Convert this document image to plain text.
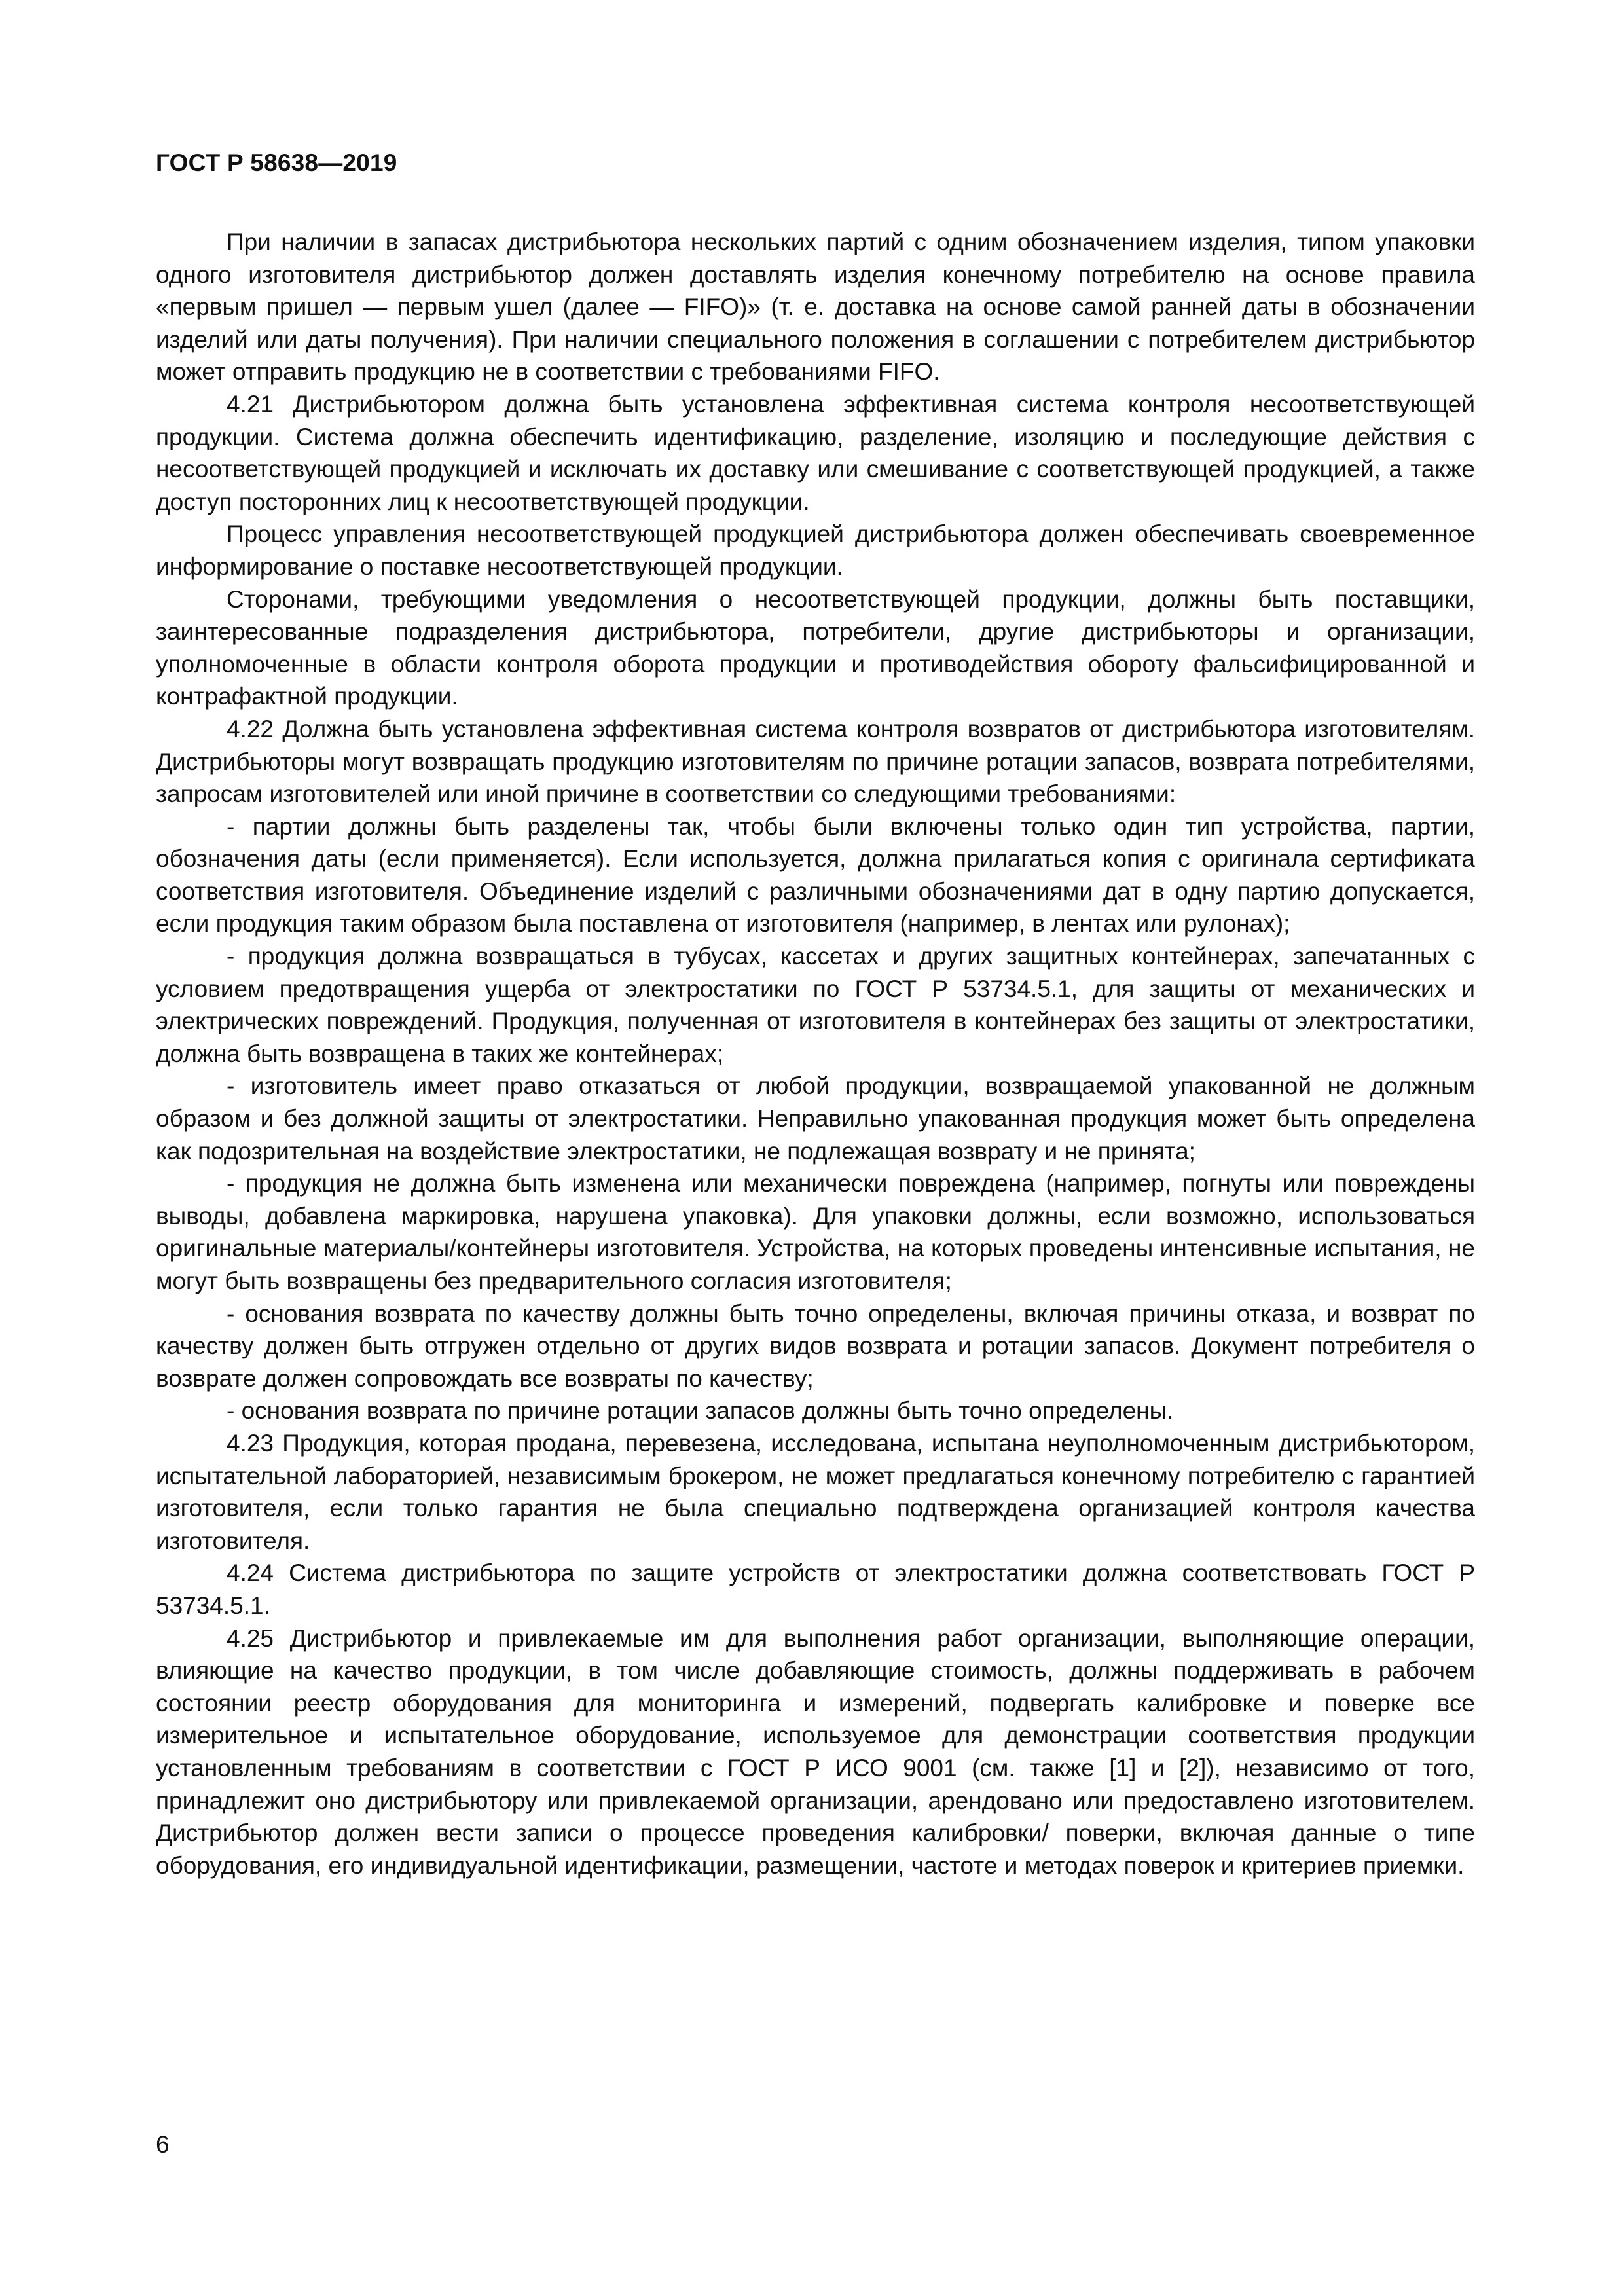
ГОСТ Р 58638—2019

При наличии в запасах дистрибьютора нескольких партий с одним обозначением изделия, типом упаковки одного изготовителя дистрибьютор должен доставлять изделия конечному потребителю на основе правила «первым пришел — первым ушел (далее — FIFO)» (т. е. доставка на основе самой ранней даты в обозначении изделий или даты получения). При наличии специального положения в соглашении с потребителем дистрибьютор может отправить продукцию не в соответствии с требованиями FIFO.

4.21 Дистрибьютором должна быть установлена эффективная система контроля несоответствующей продукции. Система должна обеспечить идентификацию, разделение, изоляцию и последующие действия с несоответствующей продукцией и исключать их доставку или смешивание с соответствующей продукцией, а также доступ посторонних лиц к несоответствующей продукции.

Процесс управления несоответствующей продукцией дистрибьютора должен обеспечивать своевременное информирование о поставке несоответствующей продукции.

Сторонами, требующими уведомления о несоответствующей продукции, должны быть поставщики, заинтересованные подразделения дистрибьютора, потребители, другие дистрибьюторы и организации, уполномоченные в области контроля оборота продукции и противодействия обороту фальсифицированной и контрафактной продукции.

4.22 Должна быть установлена эффективная система контроля возвратов от дистрибьютора изготовителям. Дистрибьюторы могут возвращать продукцию изготовителям по причине ротации запасов, возврата потребителями, запросам изготовителей или иной причине в соответствии со следующими требованиями:

- партии должны быть разделены так, чтобы были включены только один тип устройства, партии, обозначения даты (если применяется). Если используется, должна прилагаться копия с оригинала сертификата соответствия изготовителя. Объединение изделий с различными обозначениями дат в одну партию допускается, если продукция таким образом была поставлена от изготовителя (например, в лентах или рулонах);

- продукция должна возвращаться в тубусах, кассетах и других защитных контейнерах, запечатанных с условием предотвращения ущерба от электростатики по ГОСТ Р 53734.5.1, для защиты от механических и электрических повреждений. Продукция, полученная от изготовителя в контейнерах без защиты от электростатики, должна быть возвращена в таких же контейнерах;

- изготовитель имеет право отказаться от любой продукции, возвращаемой упакованной не должным образом и без должной защиты от электростатики. Неправильно упакованная продукция может быть определена как подозрительная на воздействие электростатики, не подлежащая возврату и не принята;

- продукция не должна быть изменена или механически повреждена (например, погнуты или повреждены выводы, добавлена маркировка, нарушена упаковка). Для упаковки должны, если возможно, использоваться оригинальные материалы/контейнеры изготовителя. Устройства, на которых проведены интенсивные испытания, не могут быть возвращены без предварительного согласия изготовителя;

- основания возврата по качеству должны быть точно определены, включая причины отказа, и возврат по качеству должен быть отгружен отдельно от других видов возврата и ротации запасов. Документ потребителя о возврате должен сопровождать все возвраты по качеству;

- основания возврата по причине ротации запасов должны быть точно определены.

4.23 Продукция, которая продана, перевезена, исследована, испытана неуполномоченным дистрибьютором, испытательной лабораторией, независимым брокером, не может предлагаться конечному потребителю с гарантией изготовителя, если только гарантия не была специально подтверждена организацией контроля качества изготовителя.

4.24 Система дистрибьютора по защите устройств от электростатики должна соответствовать ГОСТ Р 53734.5.1.

4.25 Дистрибьютор и привлекаемые им для выполнения работ организации, выполняющие операции, влияющие на качество продукции, в том числе добавляющие стоимость, должны поддерживать в рабочем состоянии реестр оборудования для мониторинга и измерений, подвергать калибровке и поверке все измерительное и испытательное оборудование, используемое для демонстрации соответствия продукции установленным требованиям в соответствии с ГОСТ Р ИСО 9001 (см. также [1] и [2]), независимо от того, принадлежит оно дистрибьютору или привлекаемой организации, арендовано или предоставлено изготовителем. Дистрибьютор должен вести записи о процессе проведения калибровки/ поверки, включая данные о типе оборудования, его индивидуальной идентификации, размещении, частоте и методах поверок и критериев приемки.

6
